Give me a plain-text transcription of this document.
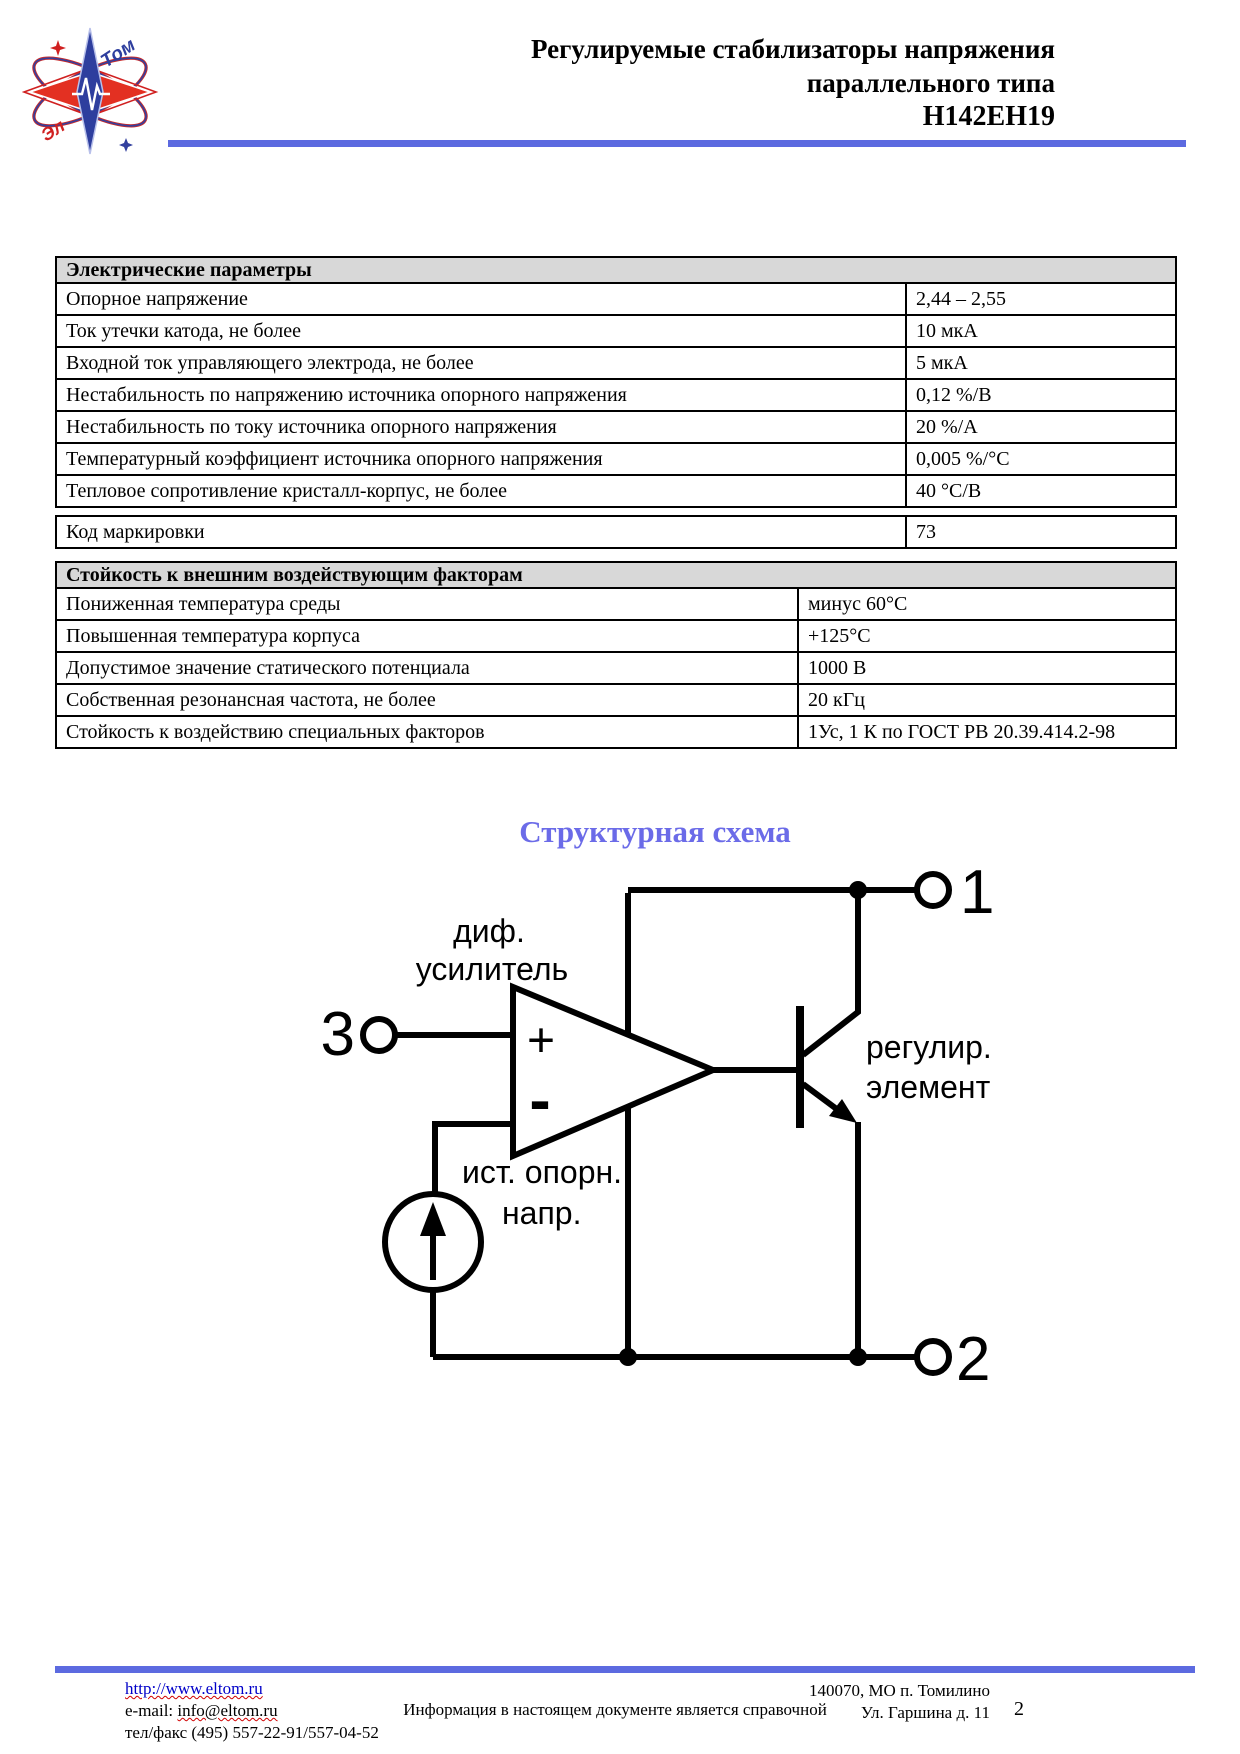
Том
Эл
Регулируемые стабилизаторы напряжения
параллельного типа
Н142ЕН19
Электрические параметры	
Опорное напряжение	2,44 – 2,55
Ток утечки катода, не более	10 мкА
Входной ток управляющего электрода, не более	5 мкА
Нестабильность по напряжению источника опорного напряжения	0,12 %/В
Нестабильность по току источника опорного напряжения	20 %/А
Температурный коэффициент источника опорного напряжения	0,005 %/°С
Тепловое сопротивление кристалл-корпус, не более	40 °С/В
Код маркировки	73
Стойкость к внешним воздействующим факторам	
Пониженная температура среды	минус 60°С
Повышенная температура корпуса	+125°С
Допустимое значение статического потенциала	1000 В
Собственная резонансная частота, не более	20 кГц
Стойкость к воздействию специальных факторов	1Ус, 1 К по ГОСТ РВ 20.39.414.2-98
Структурная схема
диф.
усилитель
ист. опорн.
напр.
регулир.
элемент
+
-
1
2
3
http://www.eltom.ru
e-mail: info@eltom.ru
тел/факс (495) 557-22-91/557-04-52
Информация в настоящем документе является справочной
140070, МО п. Томилино
Ул. Гаршина д. 11 2
